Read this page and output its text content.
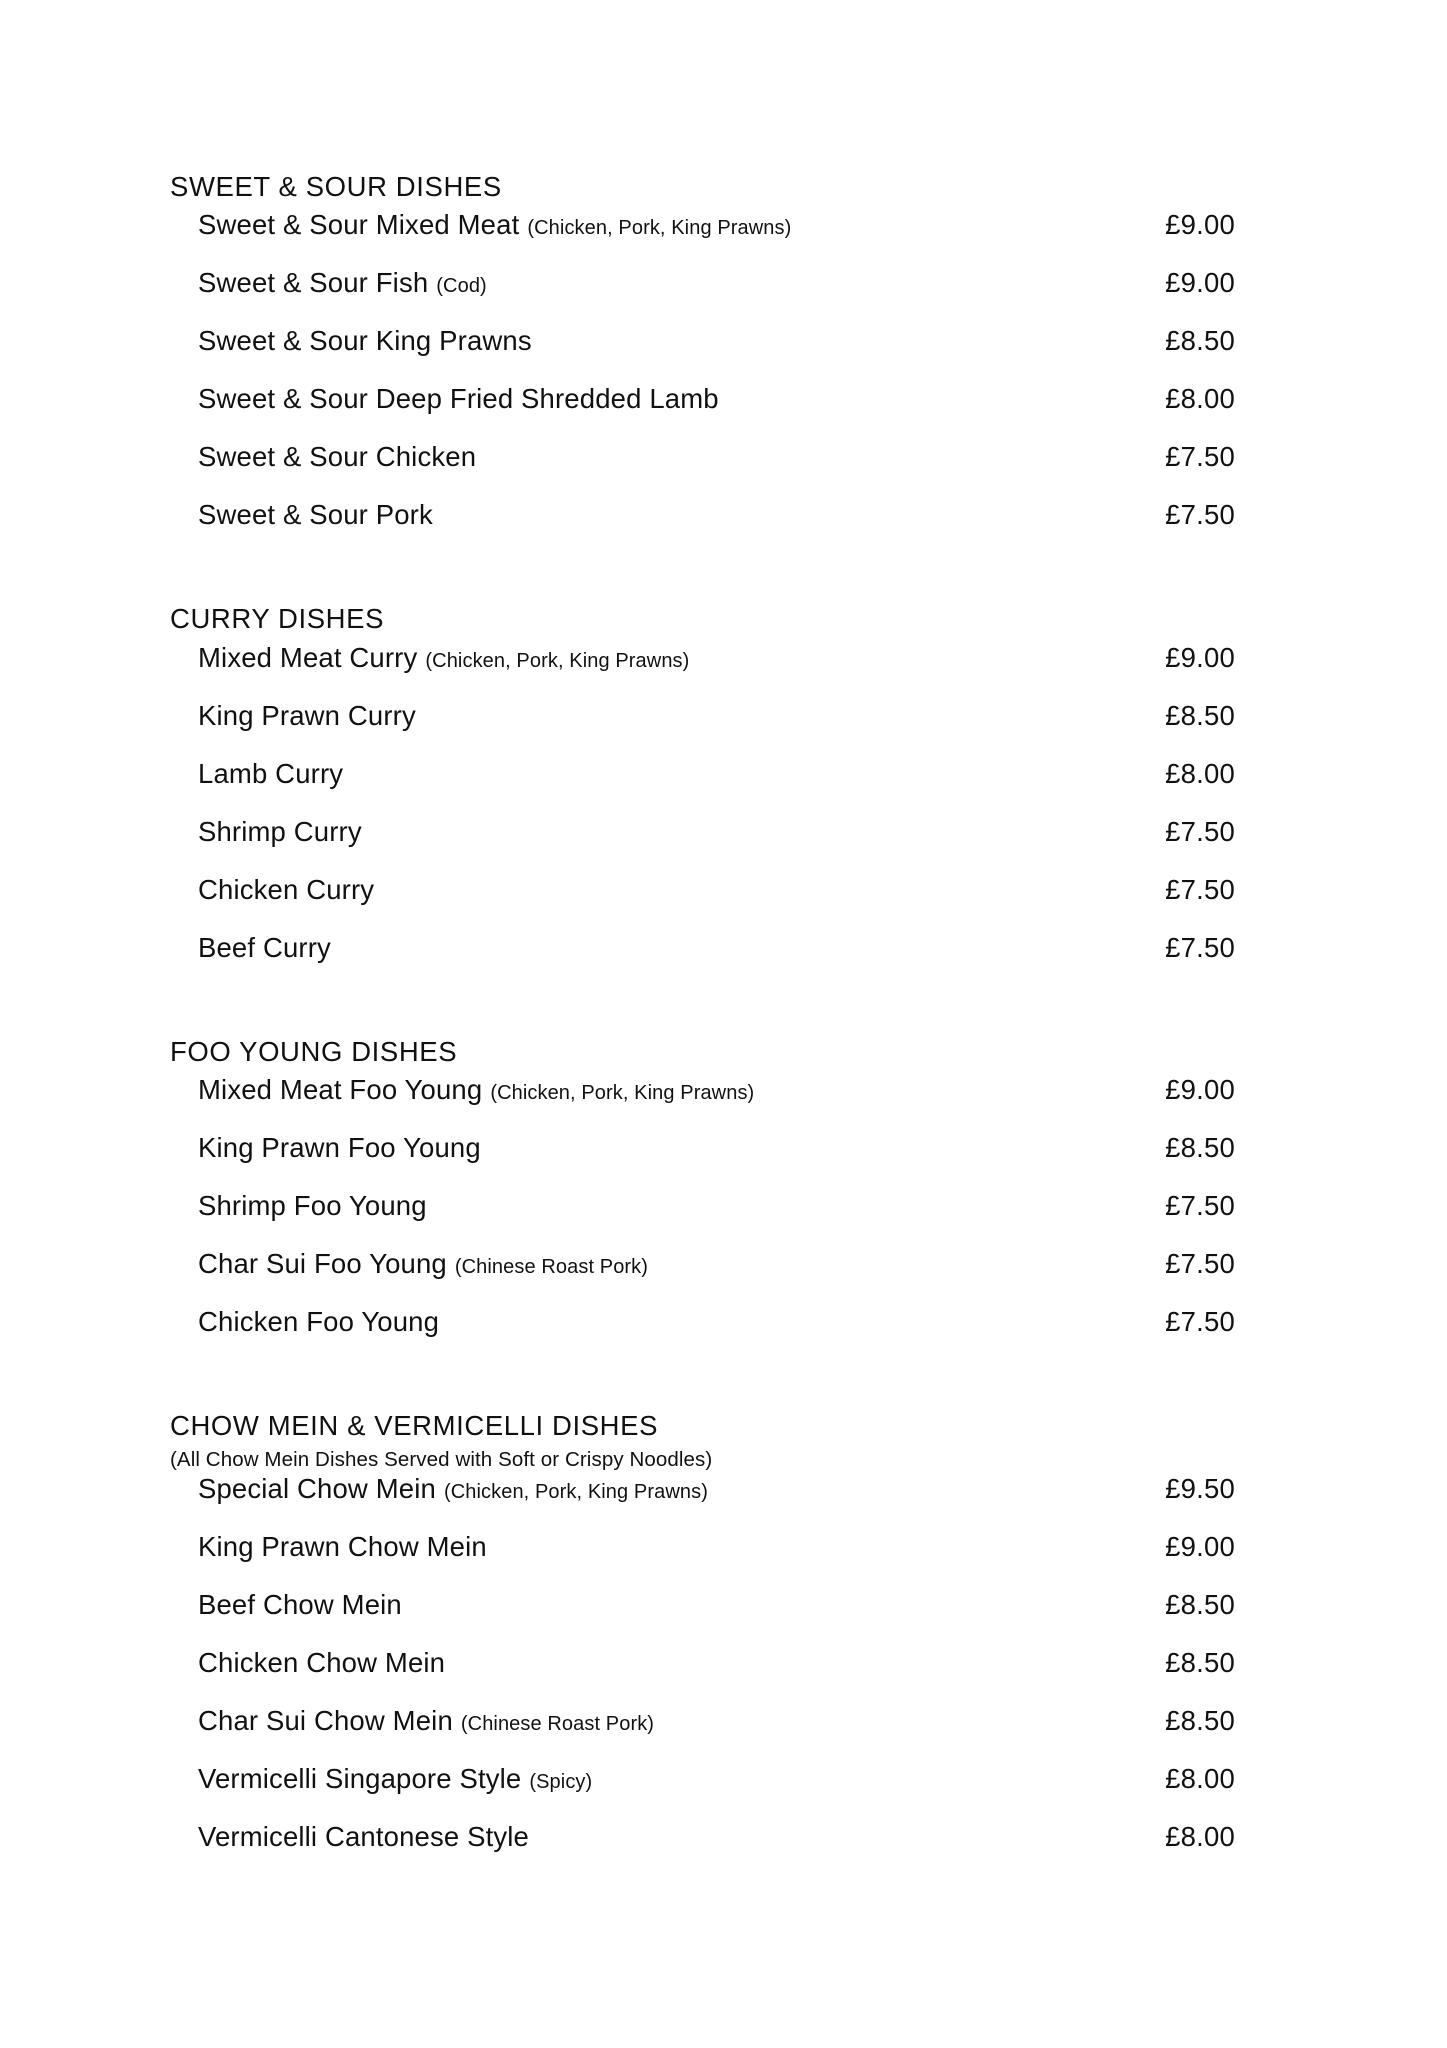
SWEET & SOUR DISHES
Sweet & Sour Mixed Meat (Chicken, Pork, King Prawns) .....	£9.00
Sweet & Sour Fish (Cod) .....	£9.00
Sweet & Sour King Prawns .....	£8.50
Sweet & Sour Deep Fried Shredded Lamb .....	£8.00
Sweet & Sour Chicken .....	£7.50
Sweet & Sour Pork .....	£7.50
CURRY DISHES
Mixed Meat Curry (Chicken, Pork, King Prawns) .....	£9.00
King Prawn Curry .....	£8.50
Lamb Curry .....	£8.00
Shrimp Curry .....	£7.50
Chicken Curry .....	£7.50
Beef Curry .....	£7.50
FOO YOUNG DISHES
Mixed Meat Foo Young (Chicken, Pork, King Prawns) .....	£9.00
King Prawn Foo Young .....	£8.50
Shrimp Foo Young .....	£7.50
Char Sui Foo Young (Chinese Roast Pork) .....	£7.50
Chicken Foo Young .....	£7.50
CHOW MEIN & VERMICELLI DISHES
(All Chow Mein Dishes Served with Soft or Crispy Noodles)
Special Chow Mein (Chicken, Pork, King Prawns) .....	£9.50
King Prawn Chow Mein .....	£9.00
Beef Chow Mein .....	£8.50
Chicken Chow Mein .....	£8.50
Char Sui Chow Mein (Chinese Roast Pork) .....	£8.50
Vermicelli Singapore Style (Spicy) .....	£8.00
Vermicelli Cantonese Style .....	£8.00
